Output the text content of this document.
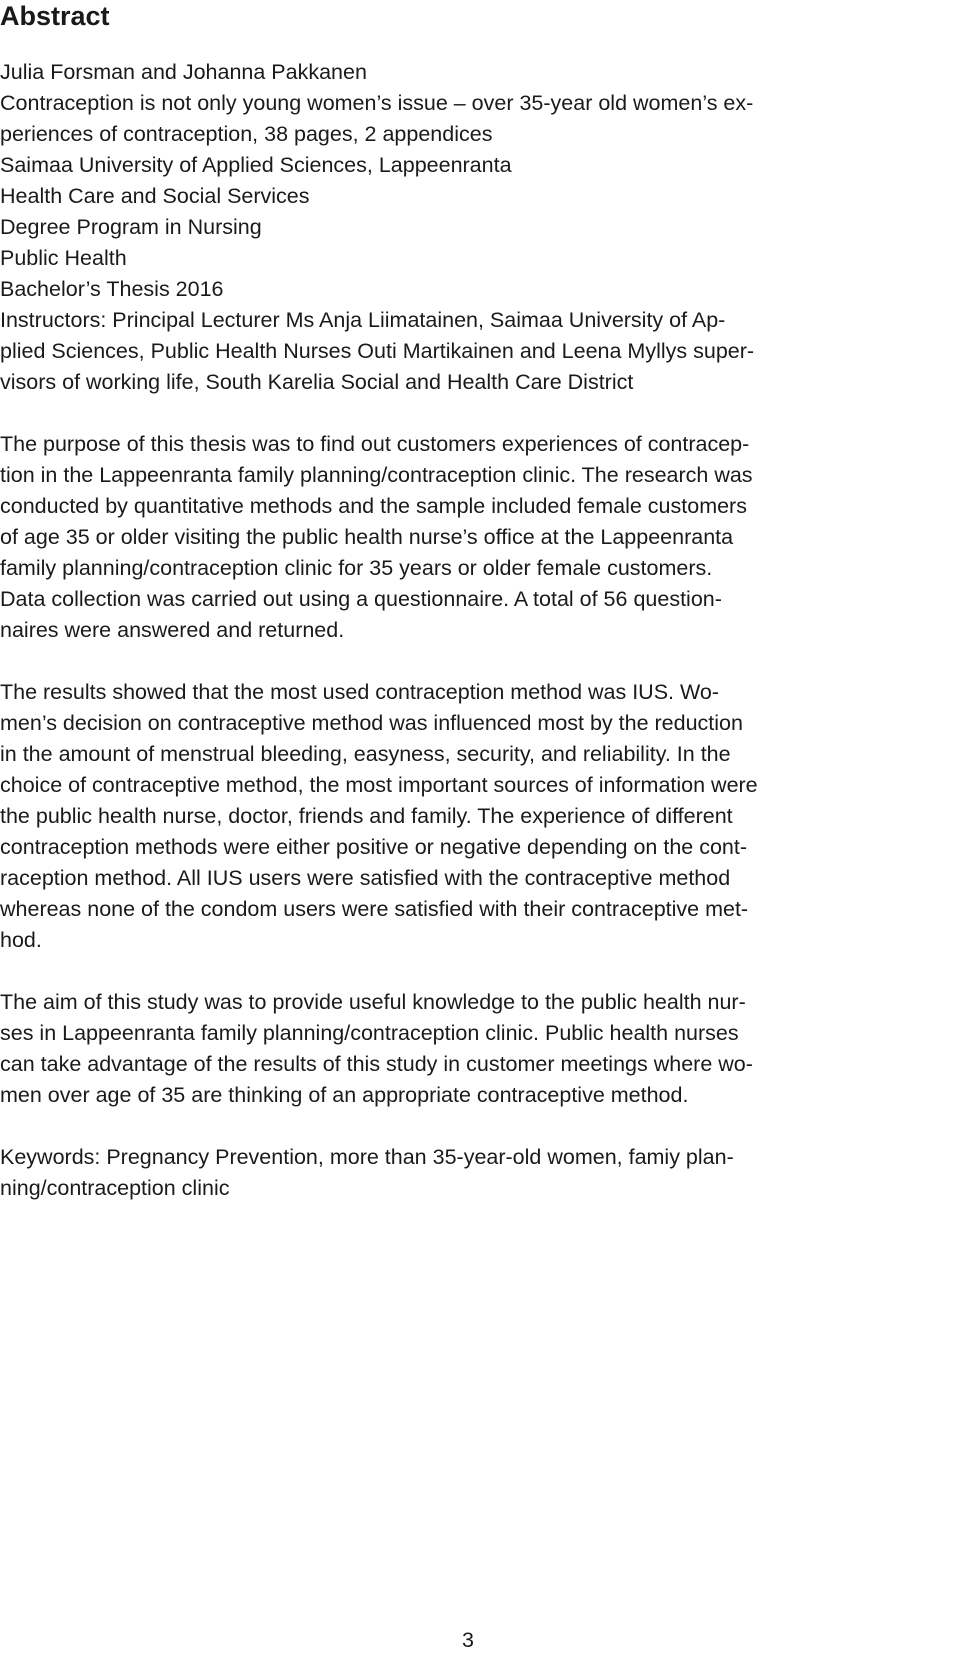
Abstract
Julia Forsman and Johanna Pakkanen
Contraception is not only young women’s issue – over 35-year old women’s ex-
periences of contraception, 38 pages, 2 appendices
Saimaa University of Applied Sciences, Lappeenranta
Health Care and Social Services
Degree Program in Nursing
Public Health
Bachelor’s Thesis 2016
Instructors: Principal Lecturer Ms Anja Liimatainen, Saimaa University of Ap-
plied Sciences, Public Health Nurses Outi Martikainen and Leena Myllys super-
visors of working life, South Karelia Social and Health Care District
The purpose of this thesis was to find out customers experiences of contracep-
tion in the Lappeenranta family planning/contraception clinic. The research was
conducted by quantitative methods and the sample included female customers
of age 35 or older visiting the public health nurse’s office at the Lappeenranta
family planning/contraception clinic for 35 years or older female customers.
Data collection was carried out using a questionnaire. A total of 56 question-
naires were answered and returned.
The results showed that the most used contraception method was IUS. Wo-
men’s decision on contraceptive method was influenced most by the reduction
in the amount of menstrual bleeding, easyness, security, and reliability. In the
choice of contraceptive method, the most important sources of information were
the public health nurse, doctor, friends and family. The experience of different
contraception methods were either positive or negative depending on the cont-
raception method. All IUS users were satisfied with the contraceptive method
whereas none of the condom users were satisfied with their contraceptive met-
hod.
The aim of this study was to provide useful knowledge to the public health nur-
ses in Lappeenranta family planning/contraception clinic. Public health nurses
can take advantage of the results of this study in customer meetings where wo-
men over age of 35 are thinking of an appropriate contraceptive method.
Keywords: Pregnancy Prevention, more than 35-year-old women, famiy plan-
ning/contraception clinic
3
